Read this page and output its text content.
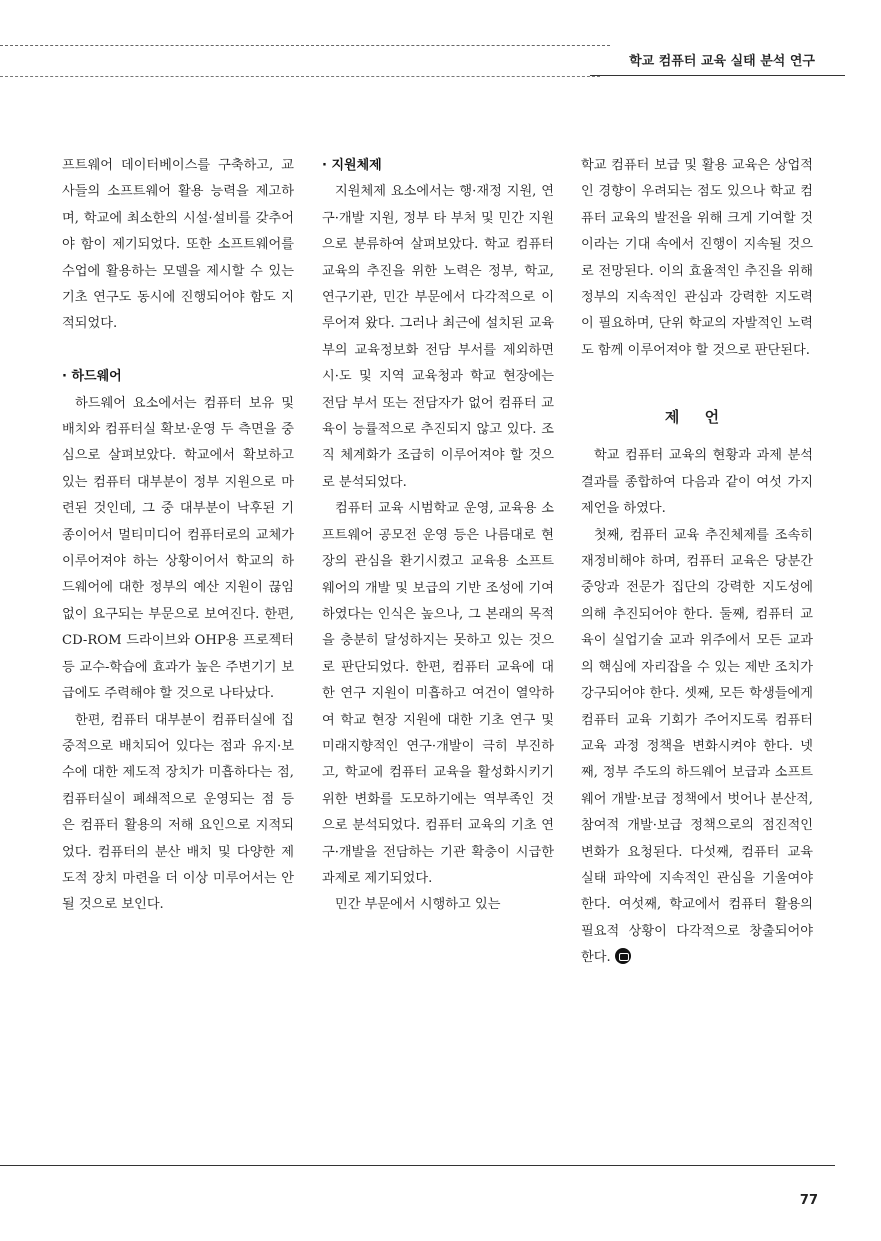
학교 컴퓨터 교육 실태 분석 연구

프트웨어 데이터베이스를 구축하고, 교사들의 소프트웨어 활용 능력을 제고하며, 학교에 최소한의 시설·설비를 갖추어야 함이 제기되었다. 또한 소프트웨어를 수업에 활용하는 모델을 제시할 수 있는 기초 연구도 동시에 진행되어야 함도 지적되었다.

· 하드웨어

하드웨어 요소에서는 컴퓨터 보유 및 배치와 컴퓨터실 확보·운영 두 측면을 중심으로 살펴보았다. 학교에서 확보하고 있는 컴퓨터 대부분이 정부 지원으로 마련된 것인데, 그 중 대부분이 낙후된 기종이어서 멀티미디어 컴퓨터로의 교체가 이루어져야 하는 상황이어서 학교의 하드웨어에 대한 정부의 예산 지원이 끊임없이 요구되는 부문으로 보여진다. 한편, CD-ROM 드라이브와 OHP용 프로젝터 등 교수-학습에 효과가 높은 주변기기 보급에도 주력해야 할 것으로 나타났다.

한편, 컴퓨터 대부분이 컴퓨터실에 집중적으로 배치되어 있다는 점과 유지·보수에 대한 제도적 장치가 미흡하다는 점, 컴퓨터실이 폐쇄적으로 운영되는 점 등은 컴퓨터 활용의 저해 요인으로 지적되었다. 컴퓨터의 분산 배치 및 다양한 제도적 장치 마련을 더 이상 미루어서는 안될 것으로 보인다.

· 지원체제

지원체제 요소에서는 행·재정 지원, 연구·개발 지원, 정부 타 부처 및 민간 지원으로 분류하여 살펴보았다. 학교 컴퓨터 교육의 추진을 위한 노력은 정부, 학교, 연구기관, 민간 부문에서 다각적으로 이루어져 왔다. 그러나 최근에 설치된 교육부의 교육정보화 전담 부서를 제외하면 시·도 및 지역 교육청과 학교 현장에는 전담 부서 또는 전담자가 없어 컴퓨터 교육이 능률적으로 추진되지 않고 있다. 조직 체계화가 조급히 이루어져야 할 것으로 분석되었다.

컴퓨터 교육 시범학교 운영, 교육용 소프트웨어 공모전 운영 등은 나름대로 현장의 관심을 환기시켰고 교육용 소프트웨어의 개발 및 보급의 기반 조성에 기여하였다는 인식은 높으나, 그 본래의 목적을 충분히 달성하지는 못하고 있는 것으로 판단되었다. 한편, 컴퓨터 교육에 대한 연구 지원이 미흡하고 여건이 열악하여 학교 현장 지원에 대한 기초 연구 및 미래지향적인 연구·개발이 극히 부진하고, 학교에 컴퓨터 교육을 활성화시키기 위한 변화를 도모하기에는 역부족인 것으로 분석되었다. 컴퓨터 교육의 기초 연구·개발을 전담하는 기관 확충이 시급한 과제로 제기되었다.

민간 부문에서 시행하고 있는

학교 컴퓨터 보급 및 활용 교육은 상업적인 경향이 우려되는 점도 있으나 학교 컴퓨터 교육의 발전을 위해 크게 기여할 것이라는 기대 속에서 진행이 지속될 것으로 전망된다. 이의 효율적인 추진을 위해 정부의 지속적인 관심과 강력한 지도력이 필요하며, 단위 학교의 자발적인 노력도 함께 이루어져야 할 것으로 판단된다.

제 언

학교 컴퓨터 교육의 현황과 과제 분석 결과를 종합하여 다음과 같이 여섯 가지 제언을 하였다.

첫째, 컴퓨터 교육 추진체제를 조속히 재정비해야 하며, 컴퓨터 교육은 당분간 중앙과 전문가 집단의 강력한 지도성에 의해 추진되어야 한다. 둘째, 컴퓨터 교육이 실업기술 교과 위주에서 모든 교과의 핵심에 자리잡을 수 있는 제반 조치가 강구되어야 한다. 셋째, 모든 학생들에게 컴퓨터 교육 기회가 주어지도록 컴퓨터 교육 과정 정책을 변화시켜야 한다. 넷째, 정부 주도의 하드웨어 보급과 소프트웨어 개발·보급 정책에서 벗어나 분산적, 참여적 개발·보급 정책으로의 점진적인 변화가 요청된다. 다섯째, 컴퓨터 교육 실태 파악에 지속적인 관심을 기울여야 한다. 여섯째, 학교에서 컴퓨터 활용의 필요적 상황이 다각적으로 창출되어야 한다.

77
